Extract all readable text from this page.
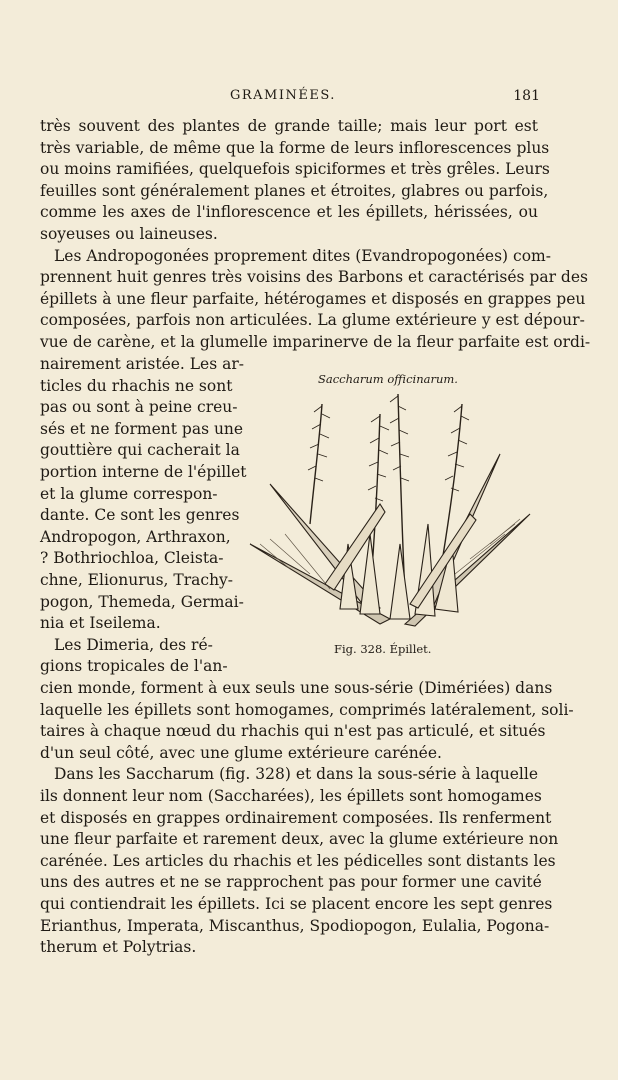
GRAMINÉES.	181
très souvent des plantes de grande taille; mais leur port est
très variable, de même que la forme de leurs inflorescences plus
ou moins ramifiées, quelquefois spiciformes et très grêles. Leurs
feuilles sont généralement planes et étroites, glabres ou parfois,
comme les axes de l'inflorescence et les épillets, hérissées, ou
soyeuses ou laineuses.
Les Andropogonées proprement dites (Evandropogonées) com-
prennent huit genres très voisins des Barbons et caractérisés par des
épillets à une fleur parfaite, hétérogames et disposés en grappes peu
composées, parfois non articulées. La glume extérieure y est dépour-
vue de carène, et la glumelle imparinerve de la fleur parfaite est ordi-
nairement aristée. Les ar-
ticles du rhachis ne sont
pas ou sont à peine creu-
sés et ne forment pas une
gouttière qui cacherait la
portion interne de l'épillet
et la glume correspon-
dante. Ce sont les genres
Andropogon, Arthraxon,
? Bothriochloa, Cleista-
chne, Elionurus, Trachy-
pogon, Themeda, Germai-
nia et Iseilema.
Les Dimeria, des ré-
gions tropicales de l'an-
Saccharum officinarum.
Fig. 328. Épillet.
cien monde, forment à eux seuls une sous-série (Dimériées) dans
laquelle les épillets sont homogames, comprimés latéralement, soli-
taires à chaque nœud du rhachis qui n'est pas articulé, et situés
d'un seul côté, avec une glume extérieure carénée.
Dans les Saccharum (fig. 328) et dans la sous-série à laquelle
ils donnent leur nom (Saccharées), les épillets sont homogames
et disposés en grappes ordinairement composées. Ils renferment
une fleur parfaite et rarement deux, avec la glume extérieure non
carénée. Les articles du rhachis et les pédicelles sont distants les
uns des autres et ne se rapprochent pas pour former une cavité
qui contiendrait les épillets. Ici se placent encore les sept genres
Erianthus, Imperata, Miscanthus, Spodiopogon, Eulalia, Pogona-
therum et Polytrias.
